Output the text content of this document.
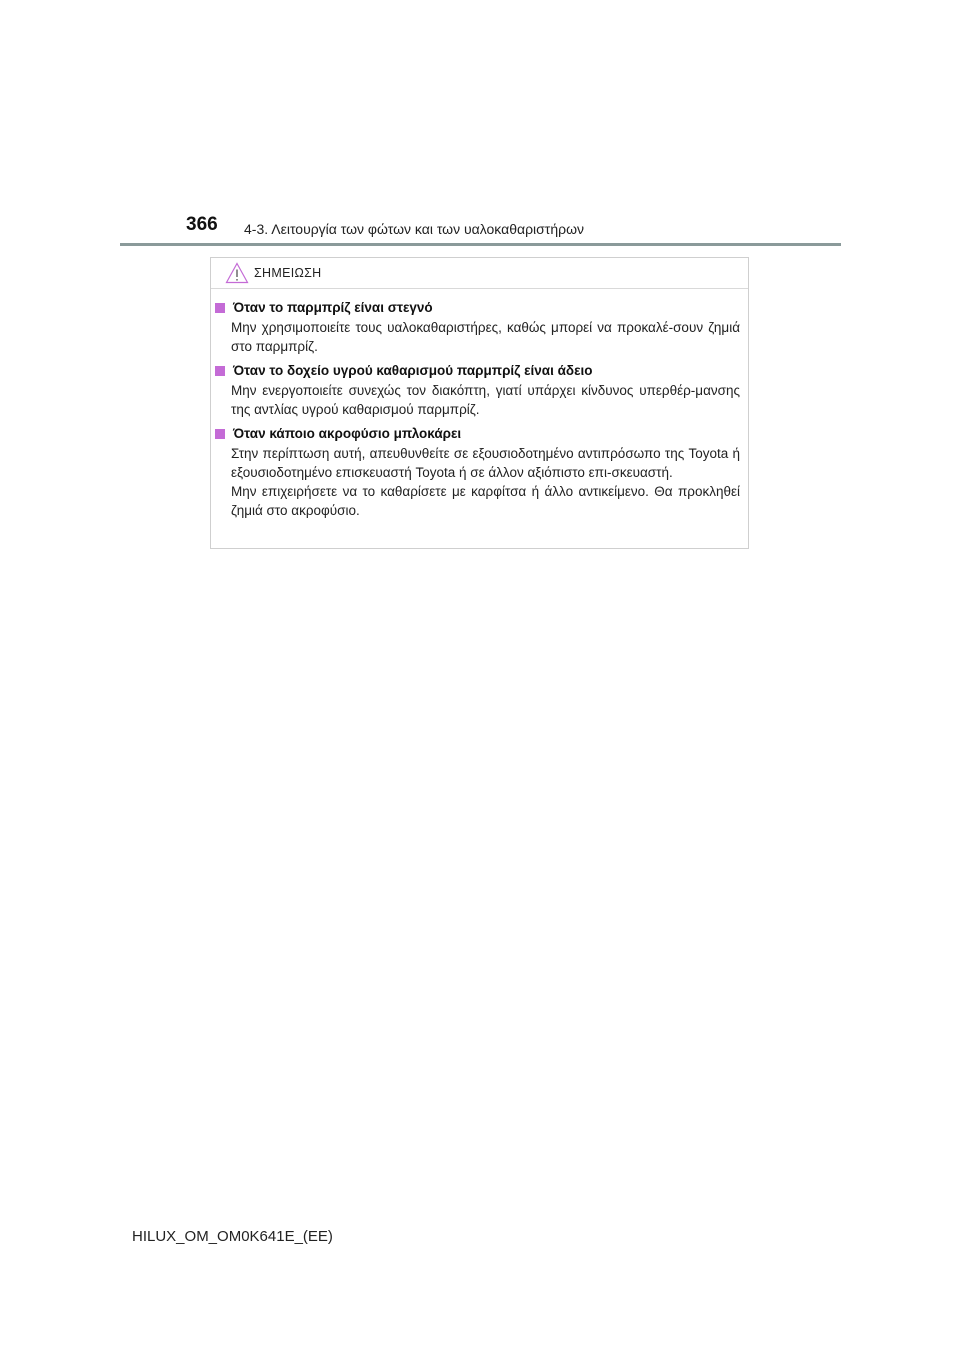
366 4-3. Λειτουργία των φώτων και των υαλοκαθαριστήρων
ΣΗΜΕΙΩΣΗ
Όταν το παρμπρίζ είναι στεγνό

Μην χρησιμοποιείτε τους υαλοκαθαριστήρες, καθώς μπορεί να προκαλέ-σουν ζημιά στο παρμπρίζ.

Όταν το δοχείο υγρού καθαρισμού παρμπρίζ είναι άδειο

Μην ενεργοποιείτε συνεχώς τον διακόπτη, γιατί υπάρχει κίνδυνος υπερθέρ-μανσης της αντλίας υγρού καθαρισμού παρμπρίζ.

Όταν κάποιο ακροφύσιο μπλοκάρει

Στην περίπτωση αυτή, απευθυνθείτε σε εξουσιοδοτημένο αντιπρόσωπο της Toyota ή εξουσιοδοτημένο επισκευαστή Toyota ή σε άλλον αξιόπιστο επι-σκευαστή.

Μην επιχειρήσετε να το καθαρίσετε με καρφίτσα ή άλλο αντικείμενο. Θα προκληθεί ζημιά στο ακροφύσιο.

HILUX_OM_OM0K641E_(EE)
